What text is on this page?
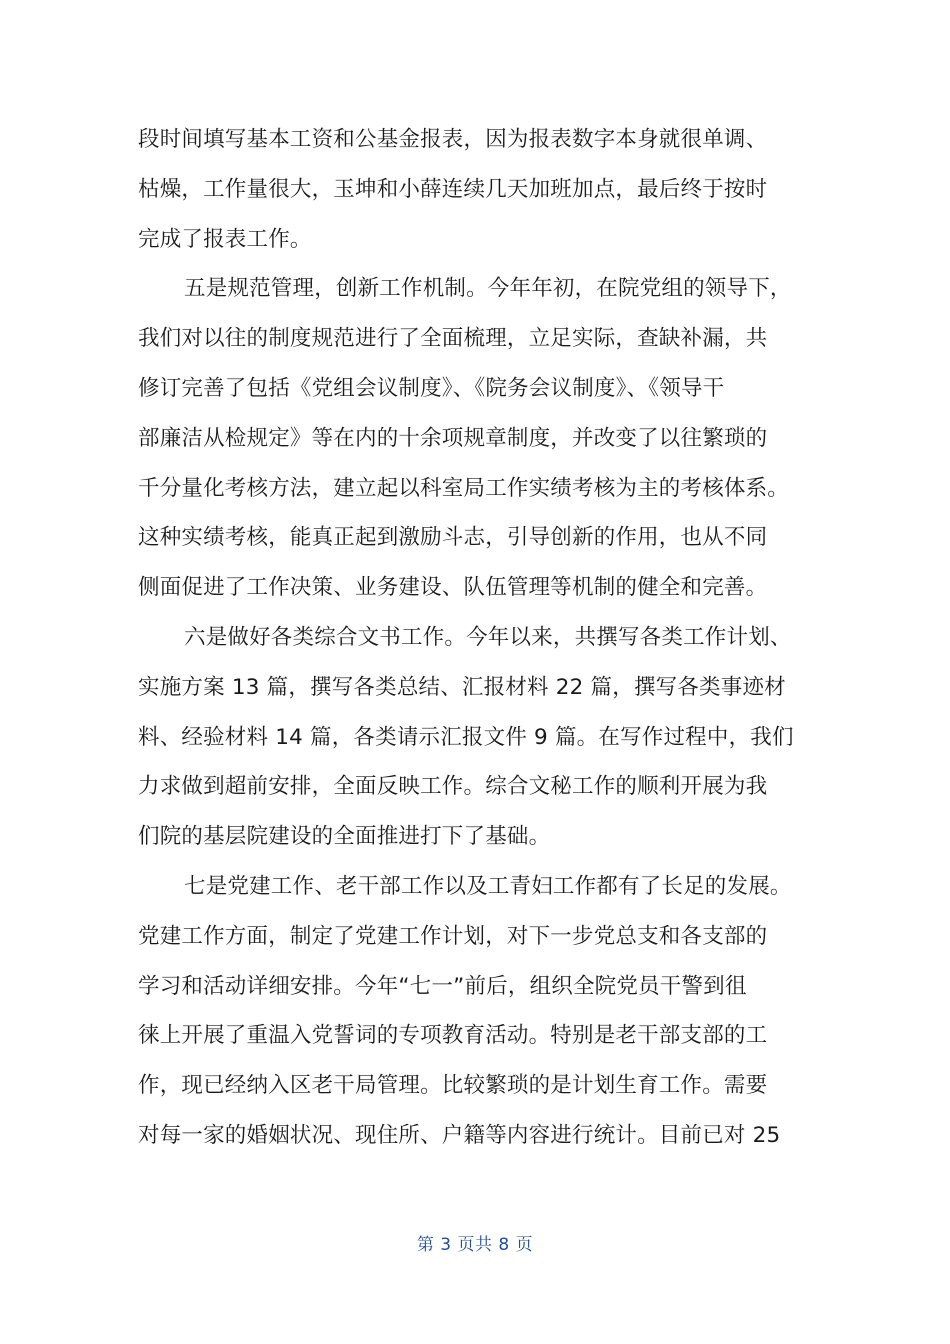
段时间填写基本工资和公基金报表，因为报表数字本身就很单调、
枯燥，工作量很大，玉坤和小薛连续几天加班加点，最后终于按时
完成了报表工作。
五是规范管理，创新工作机制。今年年初，在院党组的领导下，
我们对以往的制度规范进行了全面梳理，立足实际，查缺补漏，共
修订完善了包括《党组会议制度》、《院务会议制度》、《领导干
部廉洁从检规定》等在内的十余项规章制度，并改变了以往繁琐的
千分量化考核方法，建立起以科室局工作实绩考核为主的考核体系。
这种实绩考核，能真正起到激励斗志，引导创新的作用，也从不同
侧面促进了工作决策、业务建设、队伍管理等机制的健全和完善。
六是做好各类综合文书工作。今年以来，共撰写各类工作计划、
实施方案 13 篇，撰写各类总结、汇报材料 22 篇，撰写各类事迹材
料、经验材料 14 篇，各类请示汇报文件 9 篇。在写作过程中，我们
力求做到超前安排，全面反映工作。综合文秘工作的顺利开展为我
们院的基层院建设的全面推进打下了基础。
七是党建工作、老干部工作以及工青妇工作都有了长足的发展。
党建工作方面，制定了党建工作计划，对下一步党总支和各支部的
学习和活动详细安排。今年“七一”前后，组织全院党员干警到徂
徕上开展了重温入党誓词的专项教育活动。特别是老干部支部的工
作，现已经纳入区老干局管理。比较繁琐的是计划生育工作。需要
对每一家的婚姻状况、现住所、户籍等内容进行统计。目前已对 25
第 3 页共 8 页
